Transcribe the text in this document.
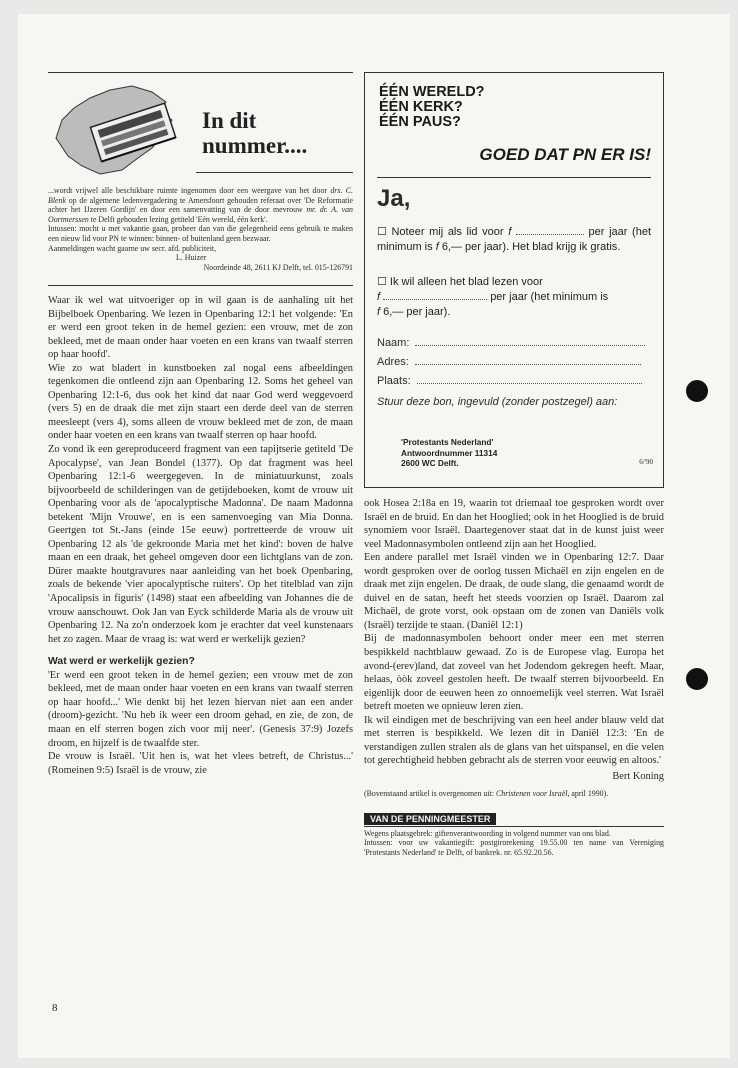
In dit
nummer....

...wordt vrijwel alle beschikbare ruimte ingenomen door een weergave van het door drs. C. Blenk op de algemene ledenvergadering te Amersfoort gehouden referaat over 'De Reformatie achter het IJzeren Gordijn' en door een samenvatting van de door mevrouw mr. dr. A. van Oortmerssen te Delft gehouden lezing getiteld 'Eén wereld, één kerk'.

Intussen: mocht u met vakantie gaan, probeer dan van die gelegenheid eens gebruik te maken een nieuw lid voor PN te winnen: binnen- of buitenland geen bezwaar.

Aanmeldingen wacht gaarne uw secr. afd. publiciteit,

L. Huizer

Noordeinde 48, 2611 KJ Delft, tel. 015-126791

ÉÉN WERELD?
ÉÉN KERK?
ÉÉN PAUS?
GOED DAT PN ER IS!
Ja,
☐ Noteer mij als lid voor f	per jaar (het minimum is f 6,— per jaar). Het blad krijg ik gratis.
☐ Ik wil alleen het blad lezen voor
f	per jaar (het minimum is
f 6,— per jaar).
Naam:
Adres:
Plaats:
Stuur deze bon, ingevuld (zonder postzegel) aan:
'Protestants Nederland'
Antwoordnummer 11314
2600 WC Delft.	6/'90

Waar ik wel wat uitvoeriger op in wil gaan is de aanhaling uit het Bijbelboek Openbaring. We lezen in Openbaring 12:1 het volgende: 'En er werd een groot teken in de hemel gezien: een vrouw, met de zon bekleed, met de maan onder haar voeten en een krans van twaalf sterren op haar hoofd'.

Wie zo wat bladert in kunstboeken zal nogal eens afbeeldingen tegenkomen die ontleend zijn aan Openbaring 12. Soms het geheel van Openbaring 12:1-6, dus ook het kind dat naar God werd weggevoerd (vers 5) en de draak die met zijn staart een derde deel van de sterren meesleept (vers 4), soms alleen de vrouw bekleed met de zon, de maan onder haar voeten en een krans van twaalf sterren op haar hoofd.

Zo vond ik een gereproduceerd fragment van een tapijtserie getiteld 'De Apocalypse', van Jean Bondel (1377). Op dat fragment was heel Openbaring 12:1-6 weergegeven. In de miniatuurkunst, zoals bijvoorbeeld de schilderingen van de getijdeboeken, komt de vrouw uit Openbaring voor als de 'apocalyptische Madonna'. De naam Madonna betekent 'Mijn Vrouwe', en is een samenvoeging van Mia Donna. Geertgen tot St.-Jans (einde 15e eeuw) portretteerde de vrouw uit Openbaring 12 als 'de gekroonde Maria met het kind': boven de halve maan en een draak, het geheel omgeven door een lichtglans van de zon. Dürer maakte houtgravures naar aanleiding van het boek Openbaring, zoals de bekende 'vier apocalyptische ruiters'. Op het titelblad van zijn 'Apocalipsis in figuris' (1498) staat een afbeelding van Johannes die de vrouw aanschouwt. Ook Jan van Eyck schilderde Maria als de vrouw uit Openbaring 12. Na zo'n onderzoek kom je erachter dat veel kunstenaars het zo zagen. Maar de vraag is: wat werd er werkelijk gezien?

Wat werd er werkelijk gezien?

'Er werd een groot teken in de hemel gezien; een vrouw met de zon bekleed, met de maan onder haar voeten en een krans van twaalf sterren op haar hoofd...' Wie denkt bij het lezen hiervan niet aan een ander (droom)-gezicht. 'Nu heb ik weer een droom gehad, en zie, de zon, de maan en elf sterren bogen zich voor mij neer'. (Genesis 37:9) Jozefs droom, en hijzelf is de twaalfde ster.

De vrouw is Israël. 'Uit hen is, wat het vlees betreft, de Christus...' (Romeinen 9:5) Israël is de vrouw, zie

ook Hosea 2:18a en 19, waarin tot driemaal toe gesproken wordt over Israël en de bruid. En dan het Hooglied; ook in het Hooglied is de bruid synomiem voor Israël. Daartegenover staat dat in de kunst juist weer veel Madonnasymbolen ontleend zijn aan het Hooglied.

Een andere parallel met Israël vinden we in Openbaring 12:7. Daar wordt gesproken over de oorlog tussen Michaël en zijn engelen en de draak met zijn engelen. De draak, de oude slang, die genaamd wordt de duivel en de satan, heeft het steeds voorzien op Israël. Daarom zal Michaël, de grote vorst, ook opstaan om de zonen van Daniëls volk (Israël) terzijde te staan. (Daniël 12:1)

Bij de madonnasymbolen behoort onder meer een met sterren bespikkeld nachtblauw gewaad. Zo is de Europese vlag. Europa het avond-(erev)land, dat zoveel van het Jodendom gekregen heeft. Maar, helaas, òòk zoveel gestolen heeft. De twaalf sterren bijvoorbeeld. En eigenlijk door de eeuwen heen zo onnoemelijk veel sterren. Wat Israël betreft moeten we opnieuw leren zien.

Ik wil eindigen met de beschrijving van een heel ander blauw veld dat met sterren is bespikkeld. We lezen dit in Daniël 12:3: 'En de verstandigen zullen stralen als de glans van het uitspansel, en die velen tot gerechtigheid hebben gebracht als de sterren voor eeuwig en altoos.'

Bert Koning

(Bovenstaand artikel is overgenomen uit: Christenen voor Israël, april 1990).

VAN DE PENNINGMEESTER

Wegens plaatsgebrek: giftenverantwoording in volgend nummer van ons blad.

Intussen: voor uw vakantiegift: postgirorekening 19.55.00 ten name van Vereniging 'Protestants Nederland' te Delft, of bankrek. nr. 65.92.20.56.

8
